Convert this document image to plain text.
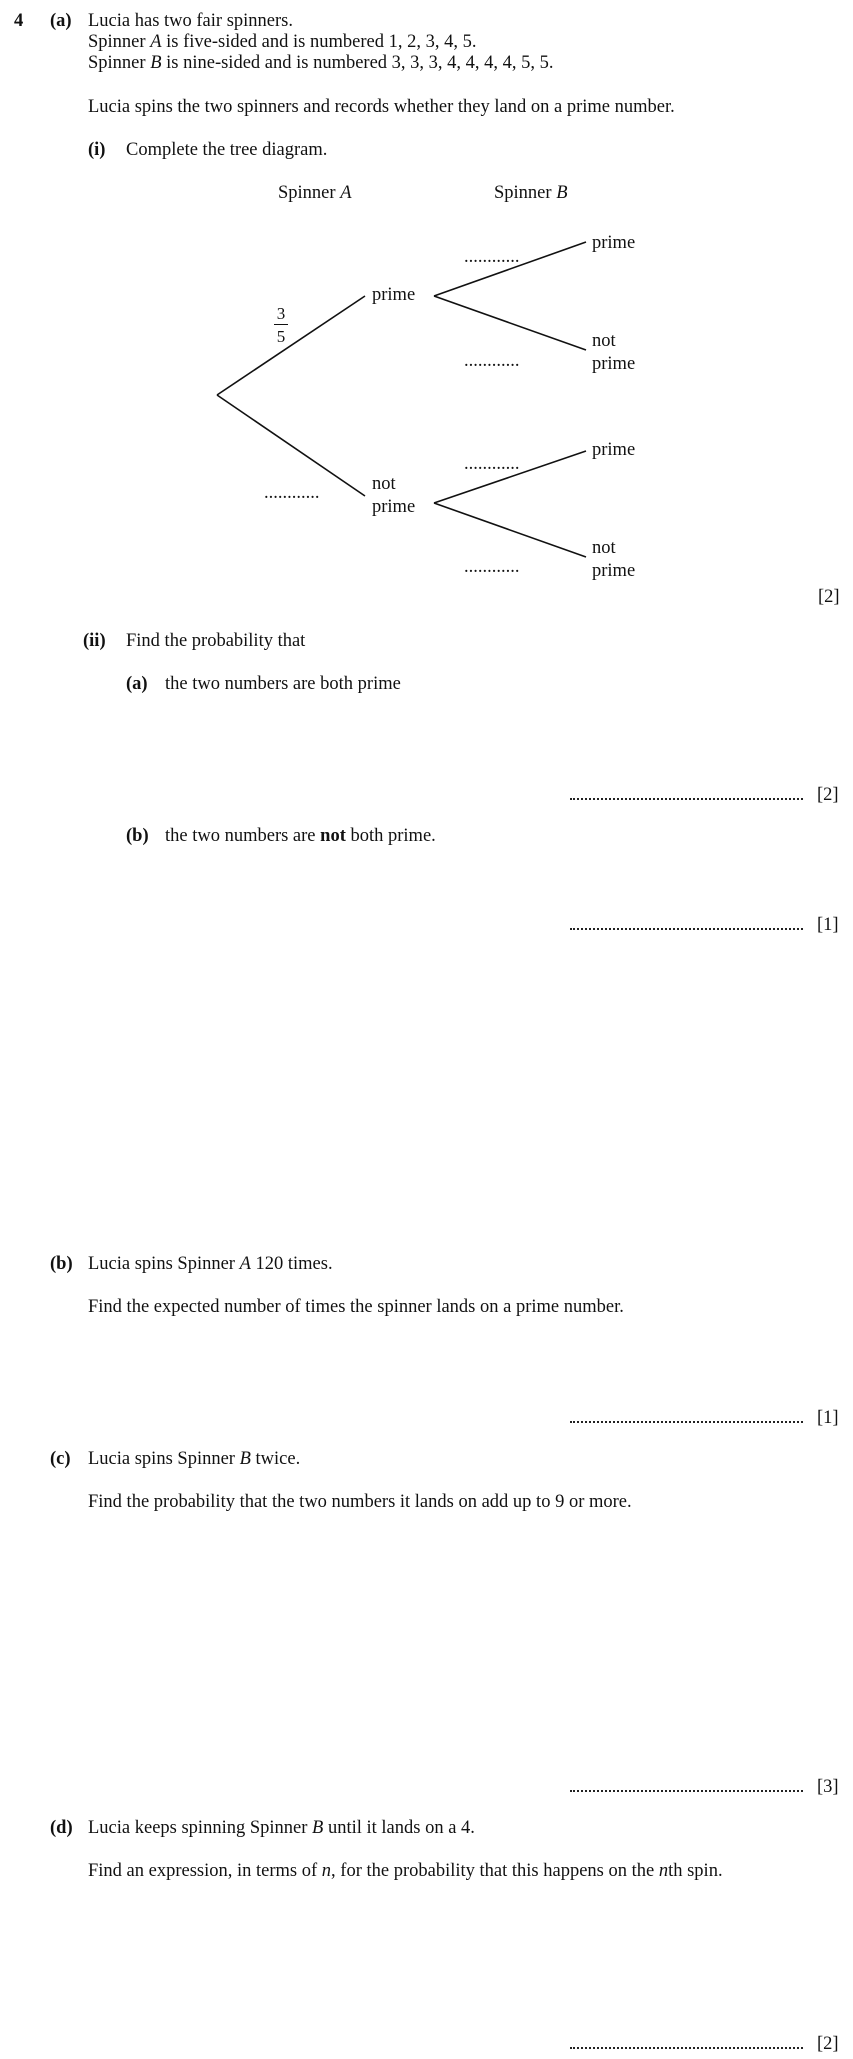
4 (a) Lucia has two fair spinners.
Spinner A is five-sided and is numbered 1, 2, 3, 4, 5.
Spinner B is nine-sided and is numbered 3, 3, 3, 4, 4, 4, 4, 5, 5.
Lucia spins the two spinners and records whether they land on a prime number.
(i) Complete the tree diagram.
Spinner A	Spinner B
prime
not
prime
3
5
............
prime
not
prime
prime
not
prime
............
............
............
............
[2]
(ii) Find the probability that
(a) the two numbers are both prime
[2]
(b) the two numbers are not both prime.
[1]
(b) Lucia spins Spinner A 120 times.
Find the expected number of times the spinner lands on a prime number.
[1]
(c) Lucia spins Spinner B twice.
Find the probability that the two numbers it lands on add up to 9 or more.
[3]
(d) Lucia keeps spinning Spinner B until it lands on a 4.
Find an expression, in terms of n, for the probability that this happens on the nth spin.
[2]
